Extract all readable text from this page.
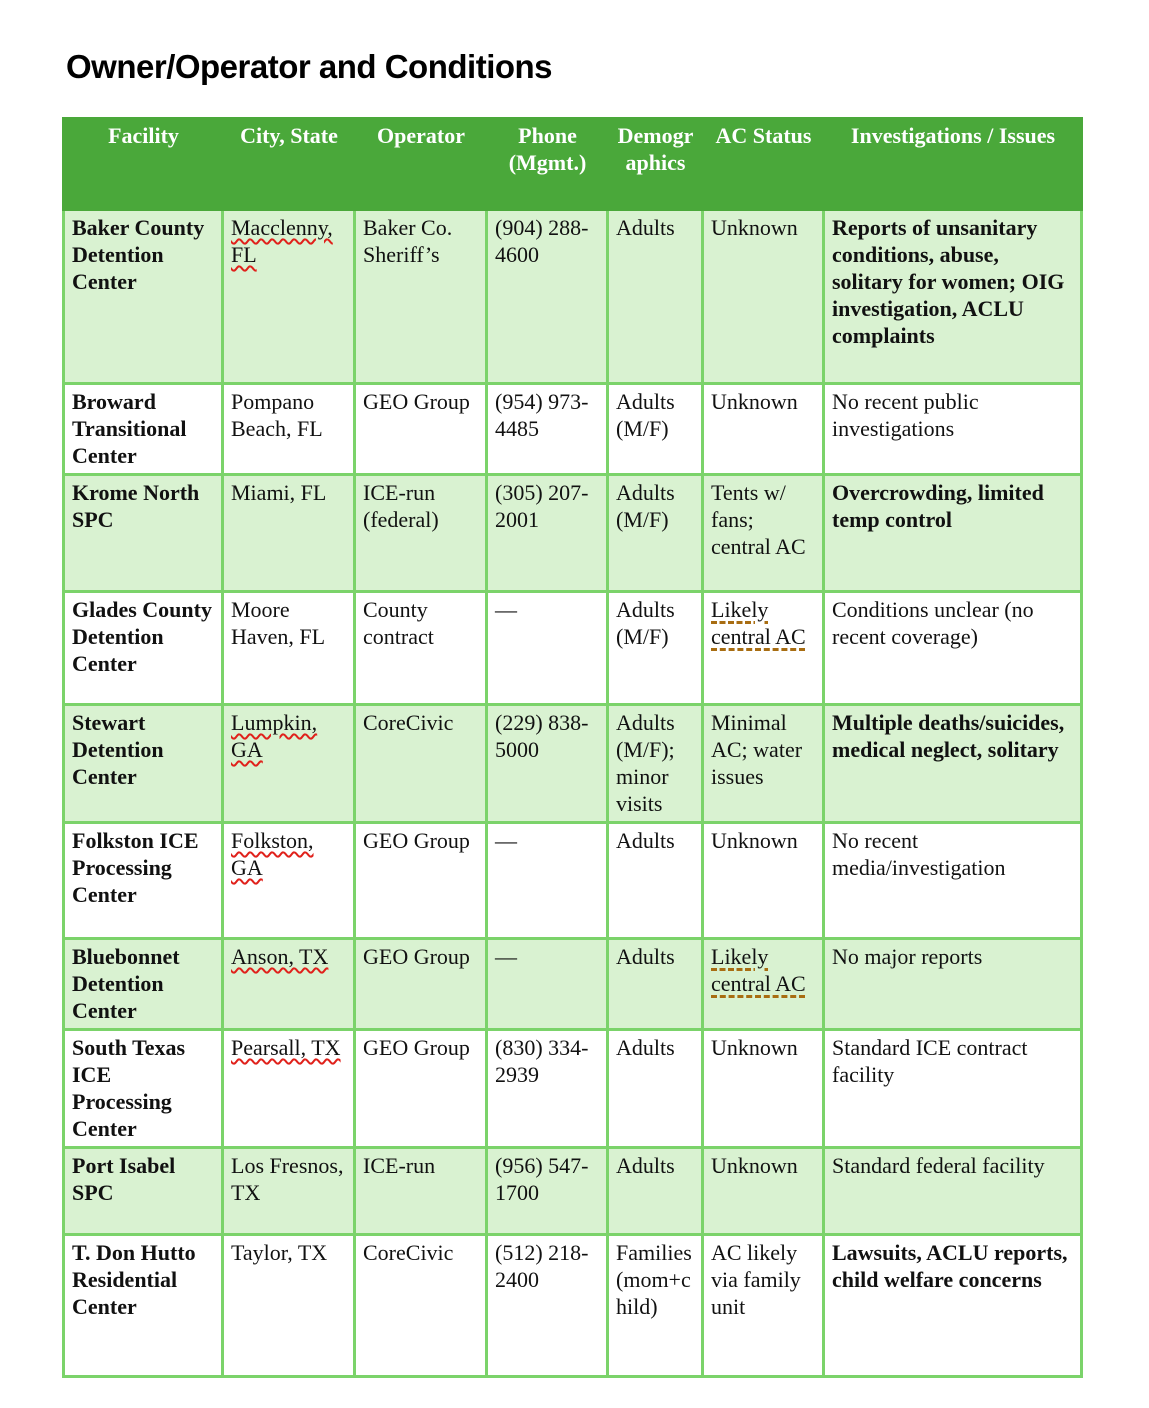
Owner/Operator and Conditions
Facility	City, State	Operator	Phone (Mgmt.)	Demographics	AC Status	Investigations / Issues
Baker County Detention Center	Macclenny, FL	Baker Co. Sheriff’s	(904) 288-4600	Adults	Unknown	Reports of unsanitary conditions, abuse, solitary for women; OIG investigation, ACLU complaints
Broward Transitional Center	Pompano Beach, FL	GEO Group	(954) 973-4485	Adults (M/F)	Unknown	No recent public investigations
Krome North SPC	Miami, FL	ICE-run (federal)	(305) 207-2001	Adults (M/F)	Tents w/ fans; central AC	Overcrowding, limited temp control
Glades County Detention Center	Moore Haven, FL	County contract	—	Adults (M/F)	Likely central AC	Conditions unclear (no recent coverage)
Stewart Detention Center	Lumpkin, GA	CoreCivic	(229) 838-5000	Adults (M/F); minor visits	Minimal AC; water issues	Multiple deaths/suicides, medical neglect, solitary
Folkston ICE Processing Center	Folkston, GA	GEO Group	—	Adults	Unknown	No recent media/investigation
Bluebonnet Detention Center	Anson, TX	GEO Group	—	Adults	Likely central AC	No major reports
South Texas ICE Processing Center	Pearsall, TX	GEO Group	(830) 334-2939	Adults	Unknown	Standard ICE contract facility
Port Isabel SPC	Los Fresnos, TX	ICE-run	(956) 547-1700	Adults	Unknown	Standard federal facility
T. Don Hutto Residential Center	Taylor, TX	CoreCivic	(512) 218-2400	Families (mom+child)	AC likely via family unit	Lawsuits, ACLU reports, child welfare concerns
